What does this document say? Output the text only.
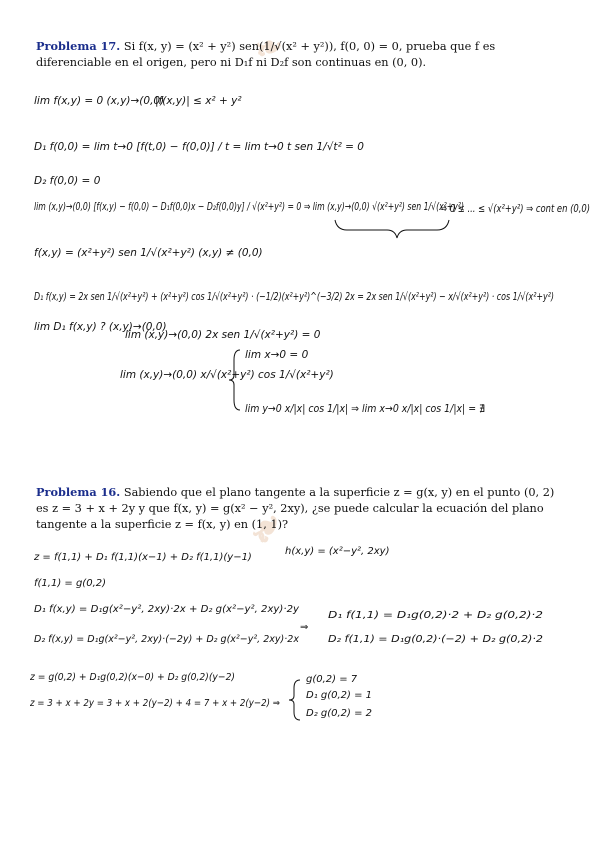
❧
❧
Problema 17. Si f(x, y) = (x² + y²) sen(1/√(x² + y²)), f(0, 0) = 0, prueba que f es diferenciable en el origen, pero ni D₁f ni D₂f son continuas en (0, 0).
Problema 16. Sabiendo que el plano tangente a la superficie z = g(x, y) en el punto (0, 2) es z = 3 + x + 2y y que f(x, y) = g(x² − y², 2xy), ¿se puede calcular la ecuación del plano tangente a la superficie z = f(x, y) en (1, 1)?
lim f(x,y) = 0 (x,y)→(0,0)
|f(x,y)| ≤ x² + y²
D₁ f(0,0) = lim t→0 [f(t,0) − f(0,0)] / t = lim t→0 t sen 1/√t² = 0
D₂ f(0,0) = 0
lim (x,y)→(0,0) [f(x,y) − f(0,0) − D₁f(0,0)x − D₂f(0,0)y] / √(x²+y²) = 0 ⇒ lim (x,y)→(0,0) √(x²+y²) sen 1/√(x²+y²)
⇒ 0 ≤ ... ≤ √(x²+y²) ⇒ cont en (0,0)
f(x,y) = (x²+y²) sen 1/√(x²+y²) (x,y) ≠ (0,0)
D₁ f(x,y) = 2x sen 1/√(x²+y²) + (x²+y²) cos 1/√(x²+y²) · (−1/2)(x²+y²)^(−3/2) 2x = 2x sen 1/√(x²+y²) − x/√(x²+y²) · cos 1/√(x²+y²)
lim D₁ f(x,y) ? (x,y)→(0,0)
lim (x,y)→(0,0) 2x sen 1/√(x²+y²) = 0
lim (x,y)→(0,0) x/√(x²+y²) cos 1/√(x²+y²)
lim x→0 = 0
lim y→0 x/|x| cos 1/|x| ⇒ lim x→0 x/|x| cos 1/|x| = ∄
z = f(1,1) + D₁ f(1,1)(x−1) + D₂ f(1,1)(y−1)
h(x,y) = (x²−y², 2xy)
f(1,1) = g(0,2)
D₁ f(x,y) = D₁g(x²−y², 2xy)·2x + D₂ g(x²−y², 2xy)·2y
D₂ f(x,y) = D₁g(x²−y², 2xy)·(−2y) + D₂ g(x²−y², 2xy)·2x
⇒
D₁ f(1,1) = D₁g(0,2)·2 + D₂ g(0,2)·2
D₂ f(1,1) = D₁g(0,2)·(−2) + D₂ g(0,2)·2
z = g(0,2) + D₁g(0,2)(x−0) + D₂ g(0,2)(y−2)
z = 3 + x + 2y = 3 + x + 2(y−2) + 4 = 7 + x + 2(y−2) ⇒
g(0,2) = 7
D₁ g(0,2) = 1
D₂ g(0,2) = 2
